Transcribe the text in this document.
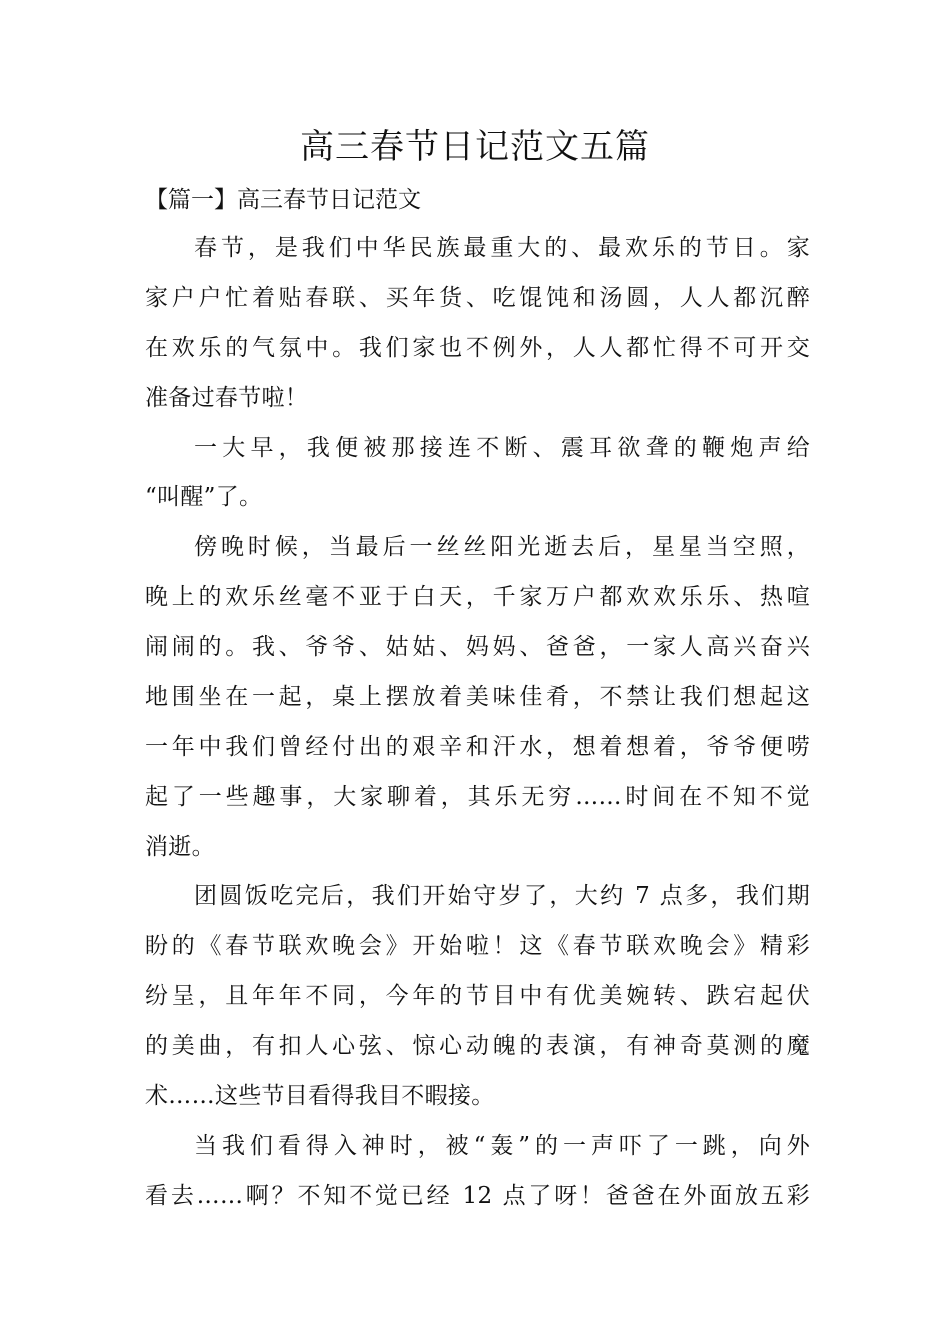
高三春节日记范文五篇
【篇一】高三春节日记范文
春节，是我们中华民族最重大的、最欢乐的节日。家
家户户忙着贴春联、买年货、吃馄饨和汤圆，人人都沉醉
在欢乐的气氛中。我们家也不例外，人人都忙得不可开交
准备过春节啦！
一大早，我便被那接连不断、震耳欲聋的鞭炮声给
“叫醒”了。
傍晚时候，当最后一丝丝阳光逝去后，星星当空照，
晚上的欢乐丝毫不亚于白天，千家万户都欢欢乐乐、热喧
闹闹的。我、爷爷、姑姑、妈妈、爸爸，一家人高兴奋兴
地围坐在一起，桌上摆放着美味佳肴，不禁让我们想起这
一年中我们曾经付出的艰辛和汗水，想着想着，爷爷便唠
起了一些趣事，大家聊着，其乐无穷……时间在不知不觉
消逝。
团圆饭吃完后，我们开始守岁了，大约 7 点多，我们期
盼的《春节联欢晚会》开始啦！这《春节联欢晚会》精彩
纷呈，且年年不同，今年的节目中有优美婉转、跌宕起伏
的美曲，有扣人心弦、惊心动魄的表演，有神奇莫测的魔
术……这些节目看得我目不暇接。
当我们看得入神时，被“轰”的一声吓了一跳，向外
看去……啊？不知不觉已经 12 点了呀！爸爸在外面放五彩
